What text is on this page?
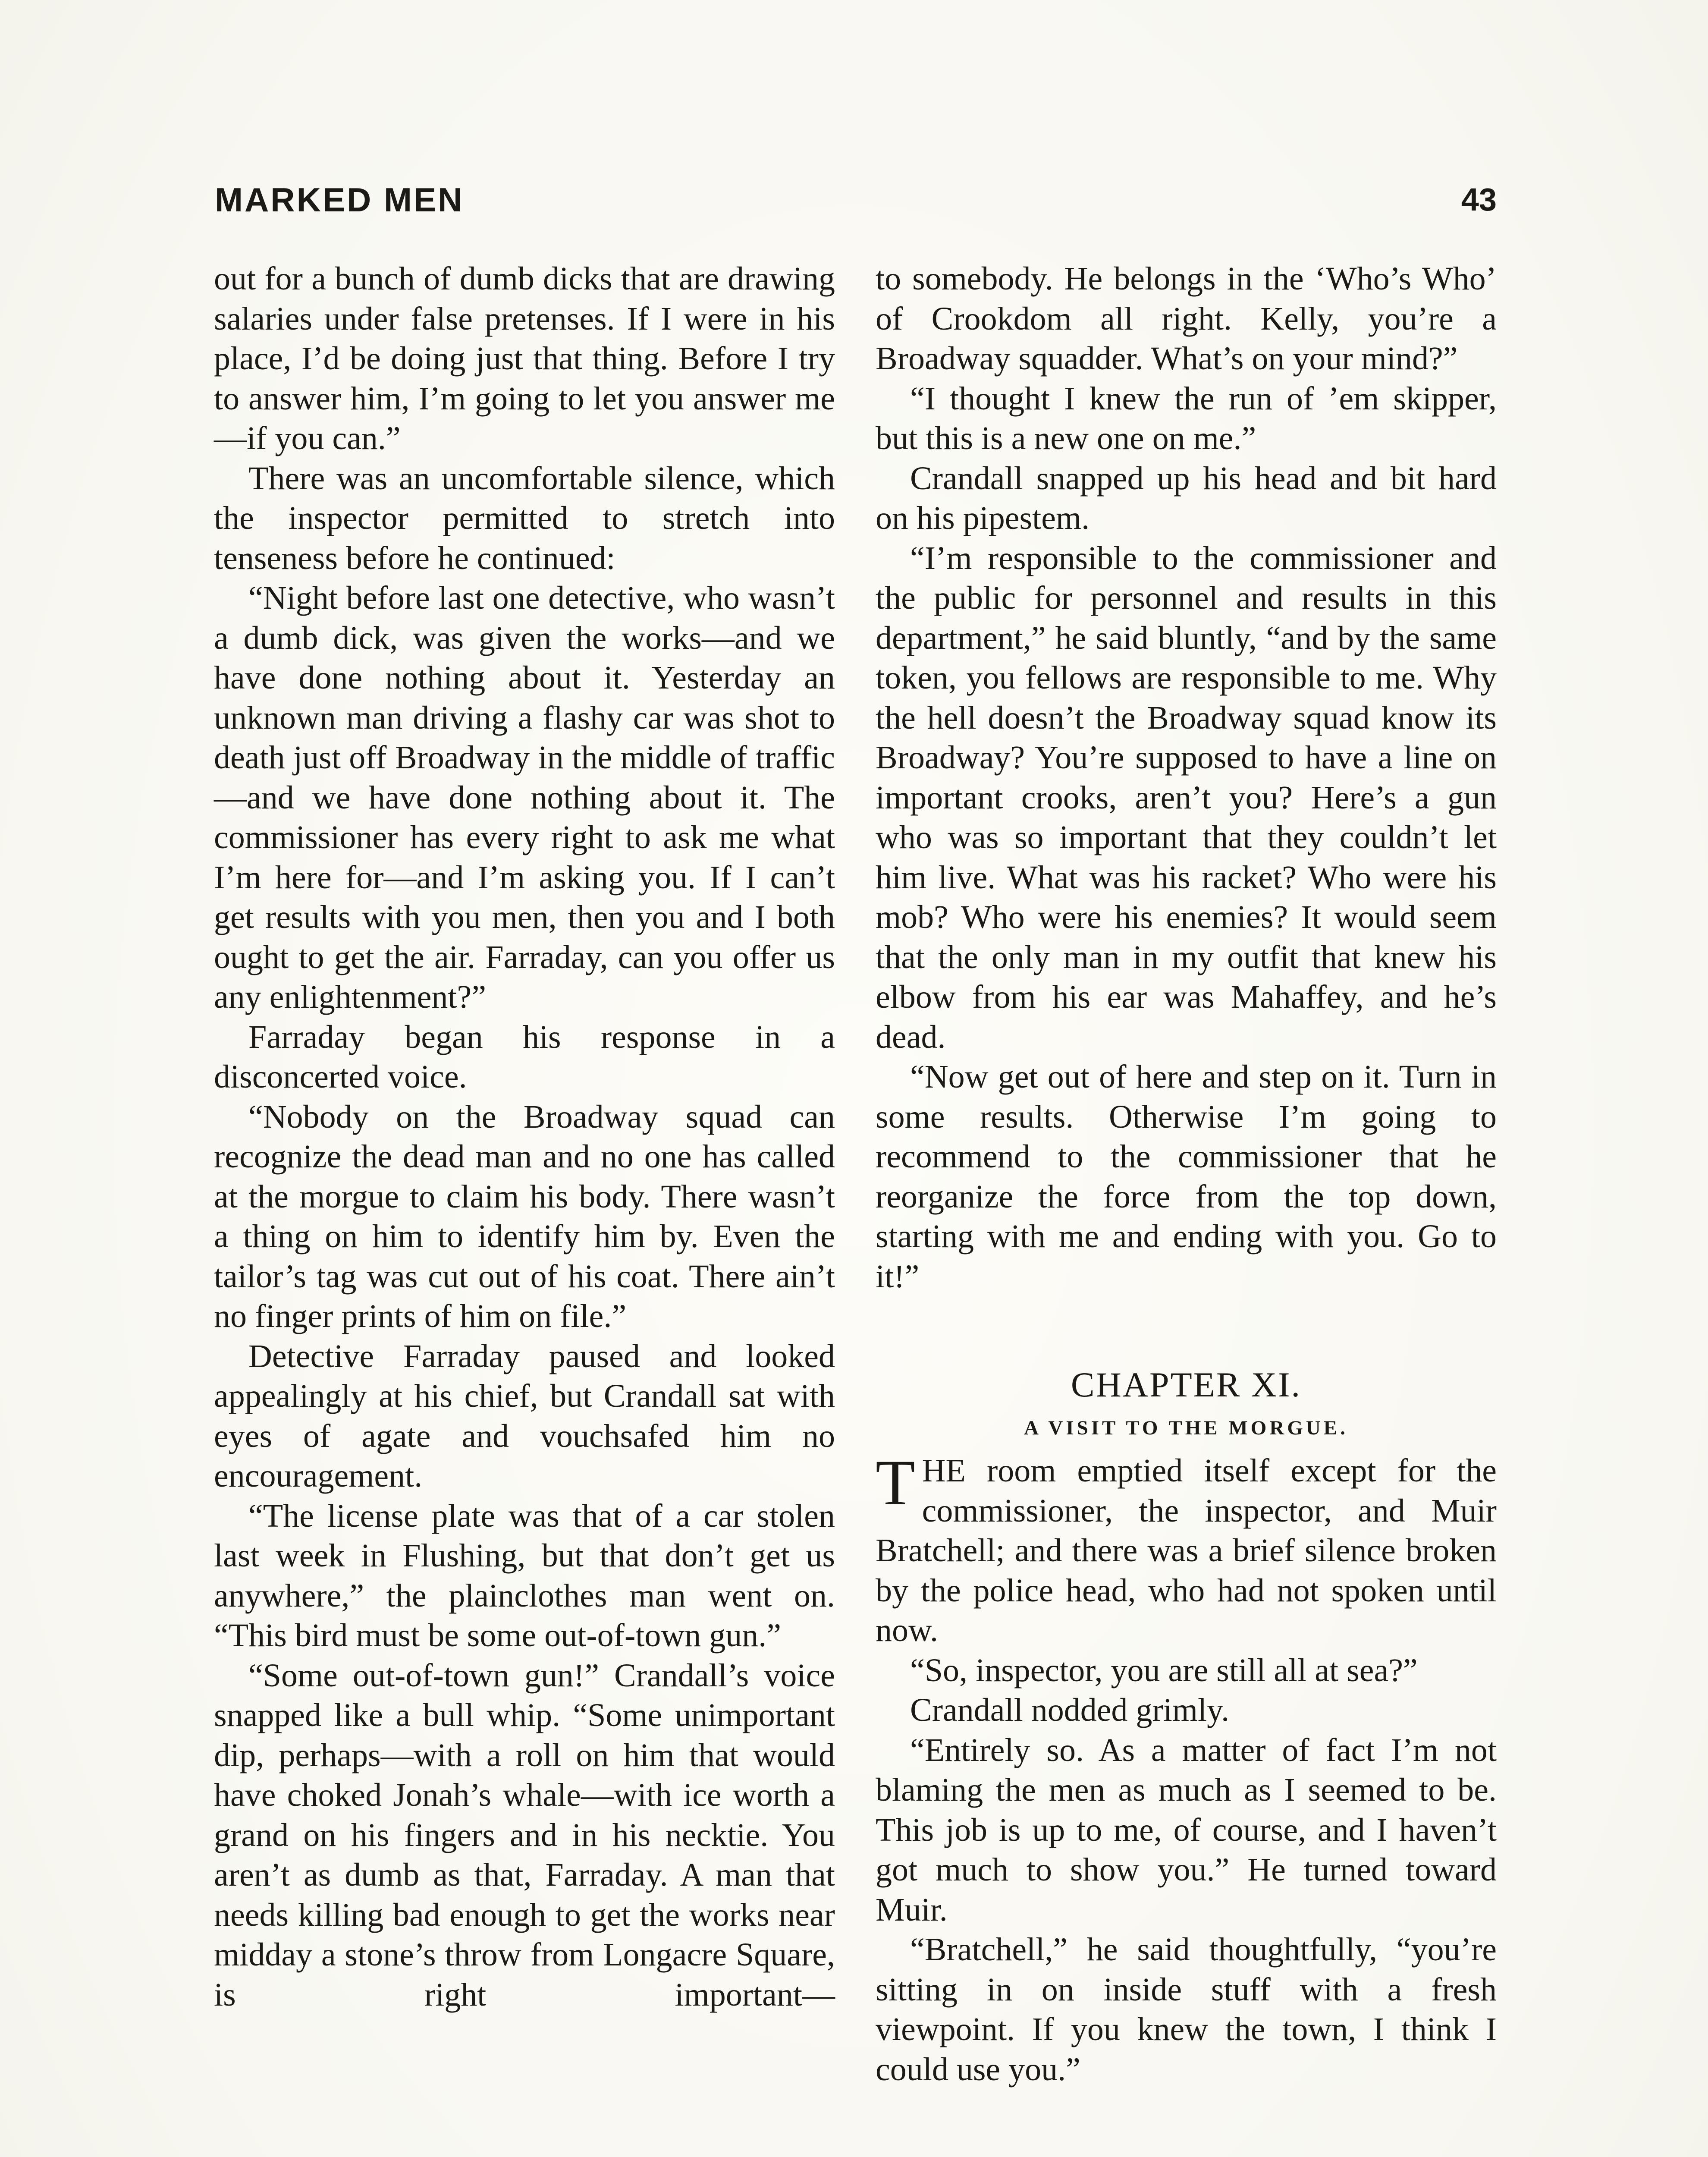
MARKED MEN	43

out for a bunch of dumb dicks that are drawing salaries under false pretenses. If I were in his place, I’d be doing just that thing. Before I try to answer him, I’m going to let you answer me—if you can.”

There was an uncomfortable silence, which the inspector permitted to stretch into tenseness before he continued:

“Night before last one detective, who wasn’t a dumb dick, was given the works—and we have done nothing about it. Yesterday an unknown man driving a flashy car was shot to death just off Broadway in the middle of traffic—and we have done nothing about it. The commissioner has every right to ask me what I’m here for—and I’m asking you. If I can’t get results with you men, then you and I both ought to get the air. Farraday, can you offer us any enlightenment?”

Farraday began his response in a disconcerted voice.

“Nobody on the Broadway squad can recognize the dead man and no one has called at the morgue to claim his body. There wasn’t a thing on him to identify him by. Even the tailor’s tag was cut out of his coat. There ain’t no finger prints of him on file.”

Detective Farraday paused and looked appealingly at his chief, but Crandall sat with eyes of agate and vouchsafed him no encouragement.

“The license plate was that of a car stolen last week in Flushing, but that don’t get us anywhere,” the plainclothes man went on. “This bird must be some out-of-town gun.”

“Some out-of-town gun!” Crandall’s voice snapped like a bull whip. “Some unimportant dip, perhaps—with a roll on him that would have choked Jonah’s whale—with ice worth a grand on his fingers and in his necktie. You aren’t as dumb as that, Farraday. A man that needs killing bad enough to get the works near midday a stone’s throw from Longacre Square, is right important—

to somebody. He belongs in the ‘Who’s Who’ of Crookdom all right. Kelly, you’re a Broadway squadder. What’s on your mind?”

“I thought I knew the run of ’em skipper, but this is a new one on me.”

Crandall snapped up his head and bit hard on his pipestem.

“I’m responsible to the commissioner and the public for personnel and results in this department,” he said bluntly, “and by the same token, you fellows are responsible to me. Why the hell doesn’t the Broadway squad know its Broadway? You’re supposed to have a line on important crooks, aren’t you? Here’s a gun who was so important that they couldn’t let him live. What was his racket? Who were his mob? Who were his enemies? It would seem that the only man in my outfit that knew his elbow from his ear was Mahaffey, and he’s dead.

“Now get out of here and step on it. Turn in some results. Otherwise I’m going to recommend to the commissioner that he reorganize the force from the top down, starting with me and ending with you. Go to it!”

CHAPTER XI.
A VISIT TO THE MORGUE.

THE room emptied itself except for the commissioner, the inspector, and Muir Bratchell; and there was a brief silence broken by the police head, who had not spoken until now.

“So, inspector, you are still all at sea?”

Crandall nodded grimly.

“Entirely so. As a matter of fact I’m not blaming the men as much as I seemed to be. This job is up to me, of course, and I haven’t got much to show you.” He turned toward Muir.

“Bratchell,” he said thoughtfully, “you’re sitting in on inside stuff with a fresh viewpoint. If you knew the town, I think I could use you.”
